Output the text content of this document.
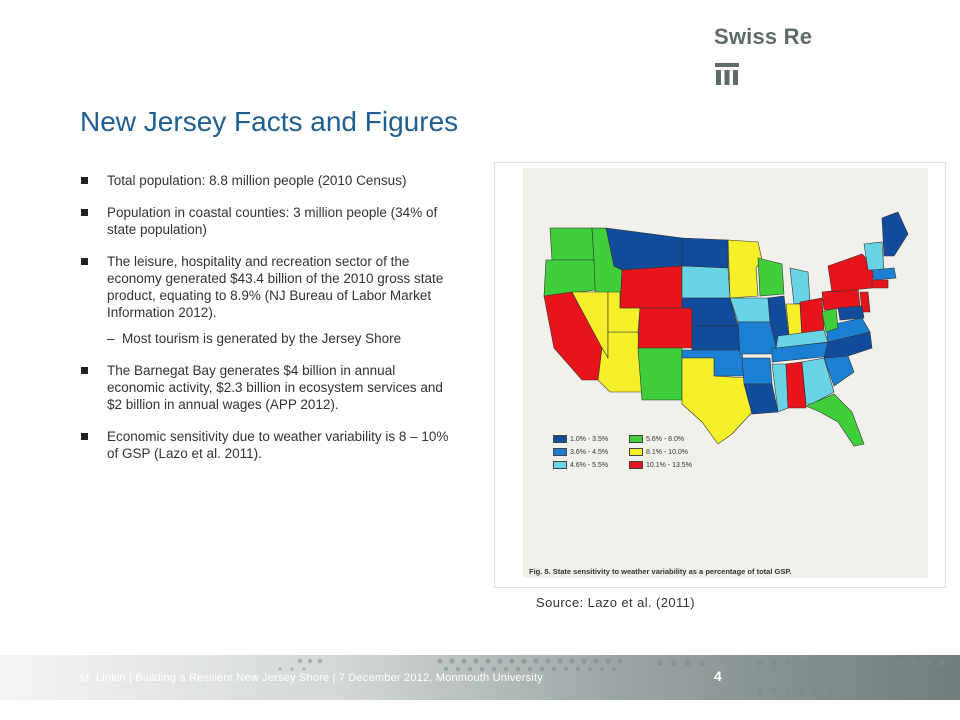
Swiss Re
New Jersey Facts and Figures
Total population: 8.8 million people (2010 Census)
Population in coastal counties: 3 million people (34% of state population)
The leisure, hospitality and recreation sector of the economy generated $43.4 billion of the 2010 gross state product, equating to 8.9% (NJ Bureau of Labor Market Information 2012).
– Most tourism is generated by the Jersey Shore
The Barnegat Bay generates $4 billion in annual economic activity, $2.3 billion in ecosystem services and $2 billion in annual wages (APP 2012).
Economic sensitivity due to weather variability is 8 – 10% of GSP (Lazo et al. 2011).
1.0% - 3.5%
3.6% - 4.5%
4.6% - 5.5%
5.6% - 8.0%
8.1% - 10.0%
10.1% - 13.5%
Fig. 5. State sensitivity to weather variability as a percentage of total GSP.
Source: Lazo et al. (2011)
M. Linkin | Building a Resilient New Jersey Shore | 7 December 2012, Monmouth University	4
